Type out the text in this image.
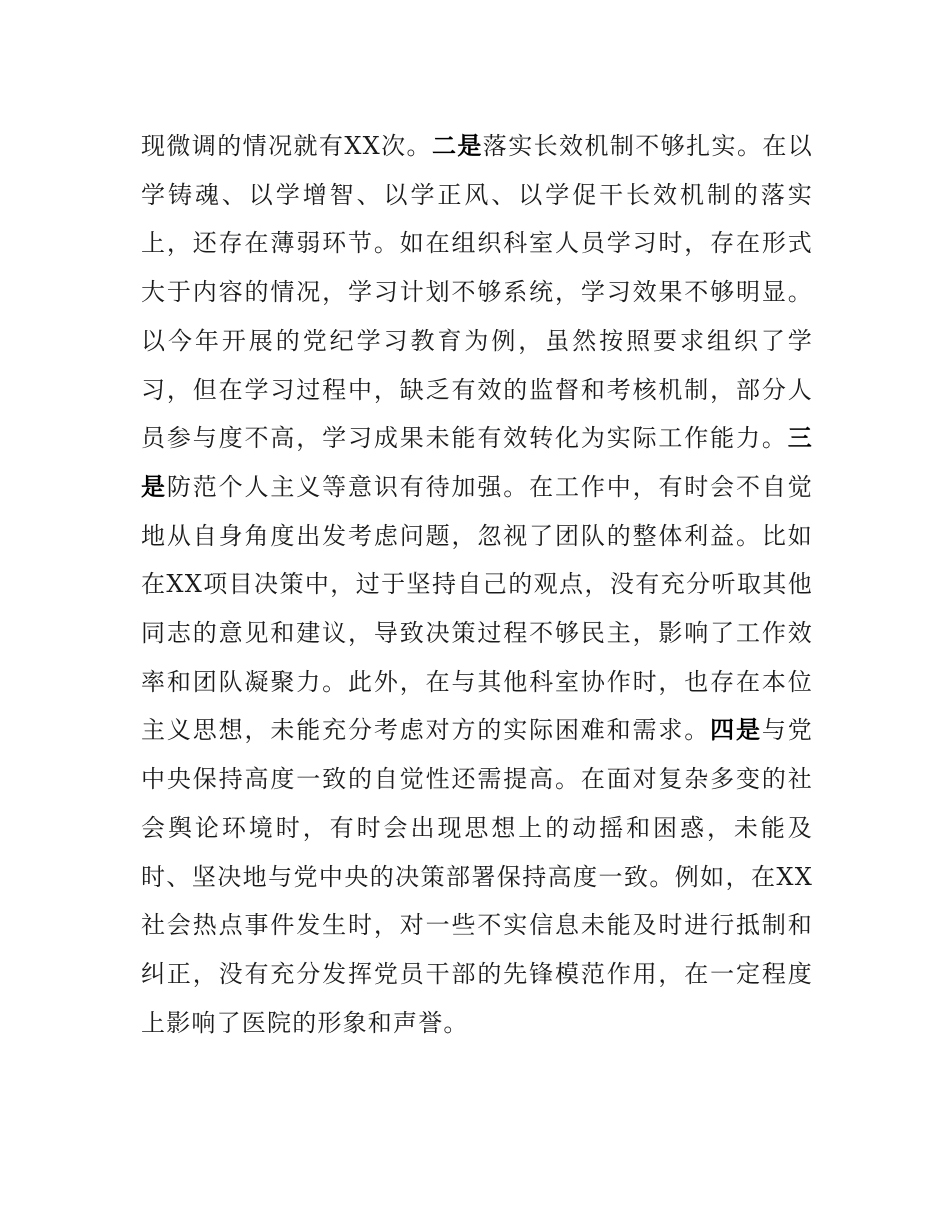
现微调的情况就有XX次。二是落实长效机制不够扎实。在以学铸魂、以学增智、以学正风、以学促干长效机制的落实上，还存在薄弱环节。如在组织科室人员学习时，存在形式大于内容的情况，学习计划不够系统，学习效果不够明显。以今年开展的党纪学习教育为例，虽然按照要求组织了学习，但在学习过程中，缺乏有效的监督和考核机制，部分人员参与度不高，学习成果未能有效转化为实际工作能力。三是防范个人主义等意识有待加强。在工作中，有时会不自觉地从自身角度出发考虑问题，忽视了团队的整体利益。比如在XX项目决策中，过于坚持自己的观点，没有充分听取其他同志的意见和建议，导致决策过程不够民主，影响了工作效率和团队凝聚力。此外，在与其他科室协作时，也存在本位主义思想，未能充分考虑对方的实际困难和需求。四是与党中央保持高度一致的自觉性还需提高。在面对复杂多变的社会舆论环境时，有时会出现思想上的动摇和困惑，未能及时、坚决地与党中央的决策部署保持高度一致。例如，在XX社会热点事件发生时，对一些不实信息未能及时进行抵制和纠正，没有充分发挥党员干部的先锋模范作用，在一定程度上影响了医院的形象和声誉。
